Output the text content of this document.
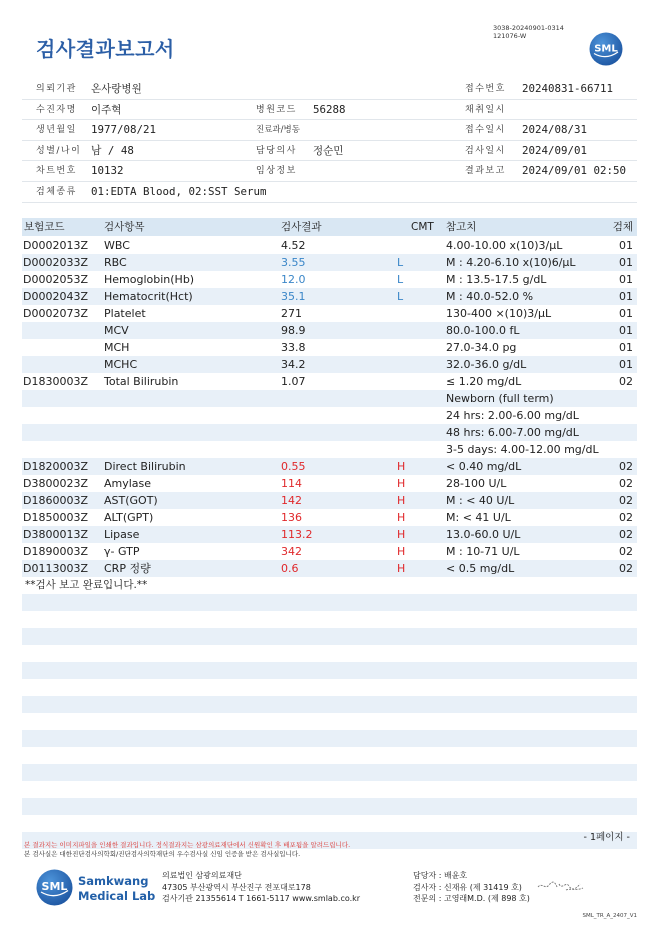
검사결과보고서
3038-20240901-0314
121076-W
SML
의뢰기관 온사랑병원	접수번호 20240831-66711
수진자명 이주혁	병원코드 56288	채취일시
생년월일 1977/08/21	진료과/병동	접수일시 2024/08/31
성별/나이 남 / 48	담당의사 정순민	검사일시 2024/09/01
차트번호 10132	임상정보	결과보고 2024/09/01 02:50
검체종류 01:EDTA Blood, 02:SST Serum
보험코드	검사항목	검사결과	CMT 참고치	검체
D0002013Z WBC	4.52	4.00-10.00 x(10)3/μL	01
D0002033Z RBC	3.55	L	M : 4.20-6.10 x(10)6/μL	01
D0002053Z Hemoglobin(Hb)	12.0	L	M : 13.5-17.5 g/dL	01
D0002043Z Hematocrit(Hct)	35.1	L	M : 40.0-52.0 %	01
D0002073Z Platelet	271	130-400 ×(10)3/μL	01
MCV	98.9	80.0-100.0 fL	01
MCH	33.8	27.0-34.0 pg	01
MCHC	34.2	32.0-36.0 g/dL	01
D1830003Z Total Bilirubin	1.07	≤ 1.20 mg/dL	02
Newborn (full term)
24 hrs: 2.00-6.00 mg/dL
48 hrs: 6.00-7.00 mg/dL
3-5 days: 4.00-12.00 mg/dL
D1820003Z Direct Bilirubin	0.55	H	< 0.40 mg/dL	02
D3800023Z Amylase	114	H	28-100 U/L	02
D1860003Z AST(GOT)	142	H	M : < 40 U/L	02
D1850003Z ALT(GPT)	136	H	M: < 41 U/L	02
D3800013Z Lipase	113.2	H	13.0-60.0 U/L	02
D1890003Z γ- GTP	342	H	M : 10-71 U/L	02
D0113003Z CRP 정량	0.6	H	< 0.5 mg/dL	02
**검사 보고 완료입니다.**
- 1페이지 -
본 결과지는 이미지파일을 인쇄한 결과입니다. 정식결과지는 삼광의료재단에서 신원확인 후 배포됨을 알려드립니다.
본 검사실은 대한진단검사의학회/진단검사의학재단의 우수검사실 신임 인증을 받은 검사실입니다.
SML Samkwang
Medical Lab
의료법인 삼광의료재단
47305 부산광역시 부산진구 전포대로178
검사기관 21355614 T 1661-5117 www.smlab.co.kr
담당자 : 배윤호
검사자 : 신재유 (제 31419 호)
전문의 : 고영래M.D. (제 898 호)
SML_TR_A_2407_V1
